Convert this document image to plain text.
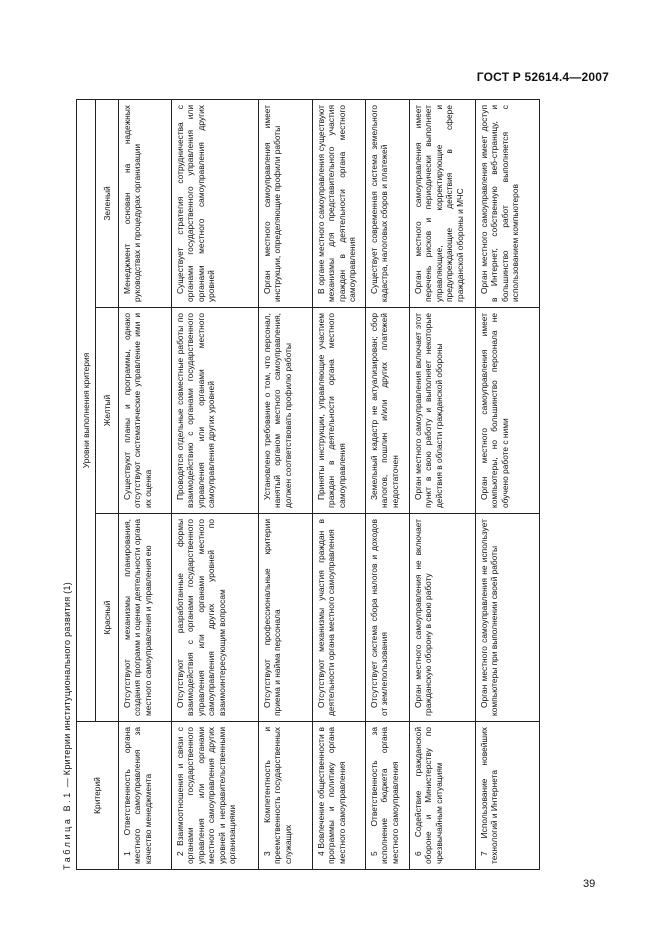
ГОСТ Р 52614.4—2007
Таблица В.1 — Критерии институционального развития (1)
Критерий	Уровни выполнения критерия		
	Красный	Желтый	Зеленый
1 Ответственность органа местного самоуправления за качество менеджмента	Отсутствуют механизмы планирования, создания программ и оценки деятельности органа местного самоуправления и управления ею	Существуют планы и программы, однако отсутствуют систематические управление ими и их оценка	Менеджмент основан на надежных руководствах и процедурах организации
2 Взаимоотношения и связи с органами государственного управления или органами местного самоуправления других уровней и неправительственными организациями	Отсутствуют разработанные формы взаимодействия с органами государственного управления или органами местного самоуправления других уровней по взаимоинтересующим вопросам	Проводятся отдельные совместные работы по взаимодействию с органами государственного управления или органами местного самоуправления других уровней	Существует стратегия сотрудничества с органами государственного управления или органами местного самоуправления других уровней
3 Компетентность и преемственность государственных служащих	Отсутствуют профессиональные критерии приема и найма персонала	Установлено требование о том, что персонал, нанятый органом местного самоуправления, должен соответствовать профилю работы	Орган местного самоуправления имеет инструкции, определяющие профили работы
4 Вовлечение общественности в программы и политику органа местного самоуправления	Отсутствуют механизмы участия граждан в деятельности органа местного самоуправления	Приняты инструкции, управляющие участием граждан в деятельности органа местного самоуправления	В органе местного самоуправления существуют механизмы для представительного участия граждан в деятельности органа местного самоуправления
5 Ответственность за исполнение бюджета органа местного самоуправления	Отсутствует система сбора налогов и доходов от землепользования	Земельный кадастр не актуализирован; сбор налогов, пошлин и/или других платежей недостаточен	Существует современная система земельного кадастра, налоговых сборов и платежей
6 Содействие гражданской обороне и Министерству по чрезвычайным ситуациям	Орган местного самоуправления не включает гражданскую оборону в свою работу	Орган местного самоуправления включает этот пункт в свою работу и выполняет некоторые действия в области гражданской обороны	Орган местного самоуправления имеет перечень рисков и периодически выполняет управляющие, корректирующие и предупреждающие действия в сфере гражданской обороны и МЧС
7 Использование новейших технологий и Интернета	Орган местного самоуправления не использует компьютеры при выполнении своей работы	Орган местного самоуправления имеет компьютеры, но большинство персонала не обучено работе с ними	Орган местного самоуправления имеет доступ в Интернет, собственную веб-страницу, и большинство работ выполняется с использованием компьютеров
39
